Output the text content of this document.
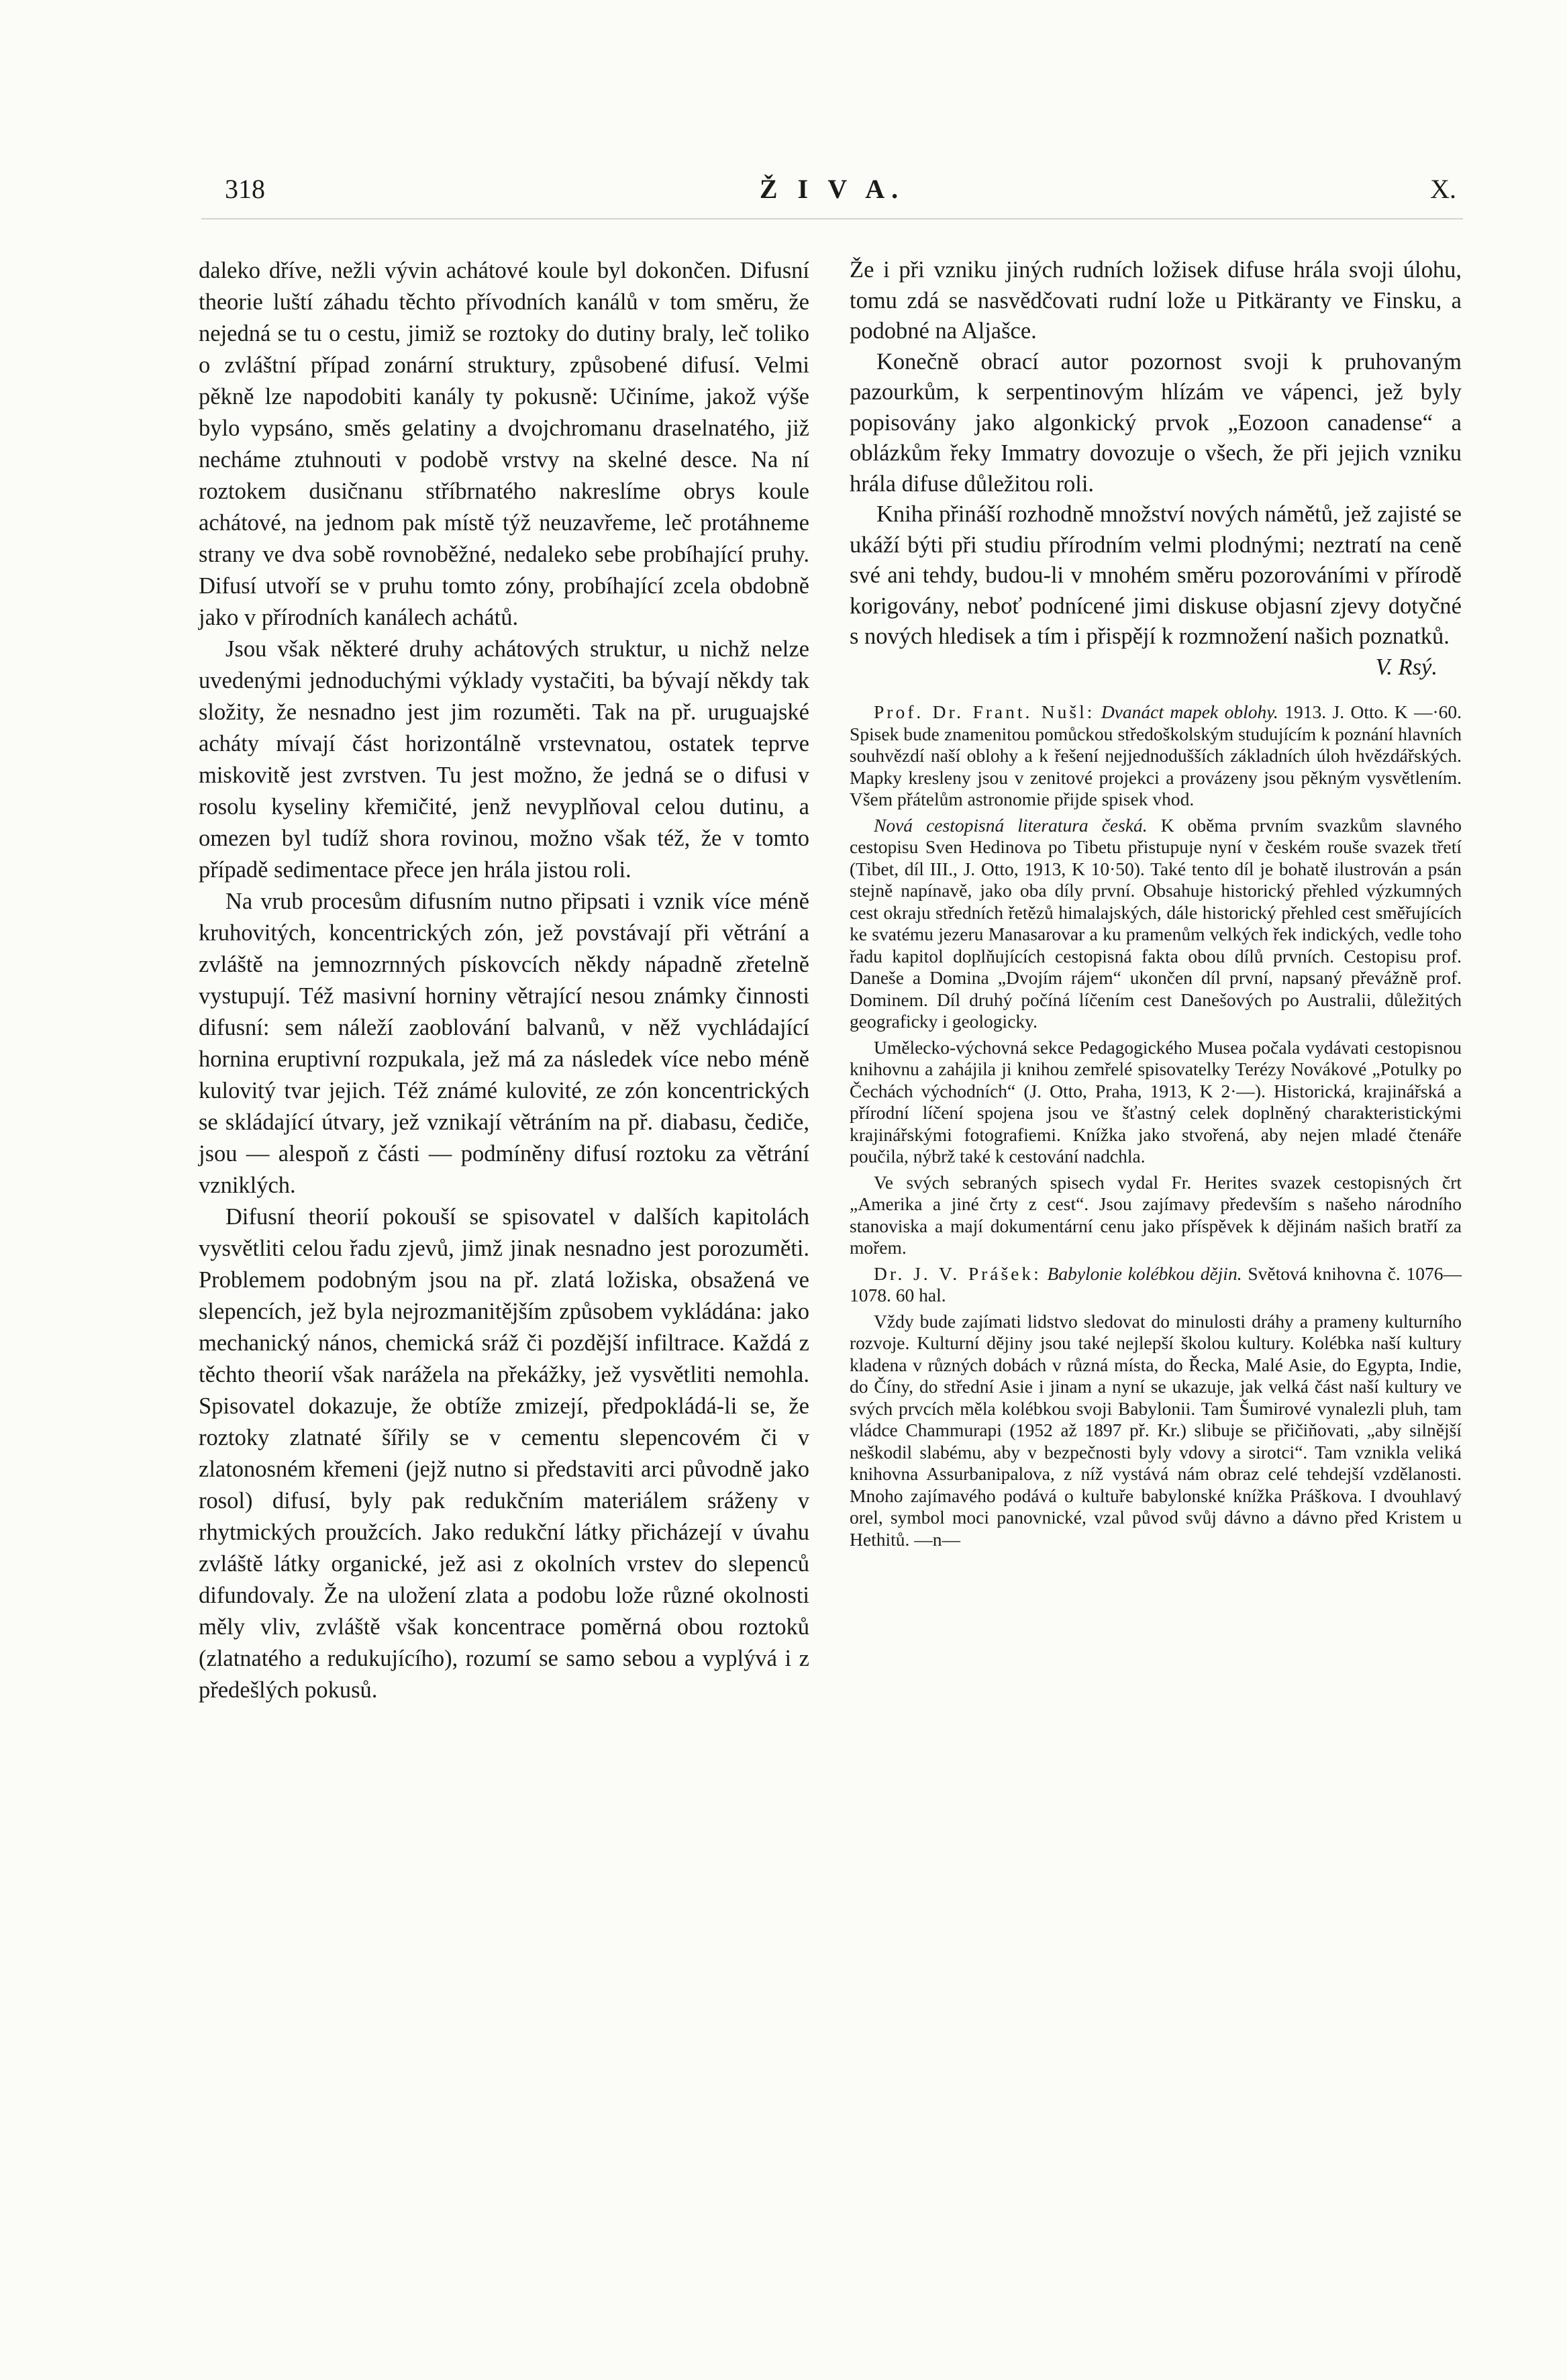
318	Ž I V A.	X.

daleko dříve, nežli vývin achátové koule byl dokončen. Difusní theorie luští záhadu těchto přívodních kanálů v tom směru, že nejedná se tu o cestu, jimiž se roztoky do dutiny braly, leč toliko o zvláštní případ zonární struktury, způsobené difusí. Velmi pěkně lze napodobiti kanály ty pokusně: Učiníme, jakož výše bylo vypsáno, směs gelatiny a dvojchromanu draselnatého, již necháme ztuhnouti v podobě vrstvy na skelné desce. Na ní roztokem dusičnanu stříbrnatého nakreslíme obrys koule achátové, na jednom pak místě týž neuzavřeme, leč protáhneme strany ve dva sobě rovnoběžné, nedaleko sebe probíhající pruhy. Difusí utvoří se v pruhu tomto zóny, probíhající zcela obdobně jako v přírodních kanálech achátů.

Jsou však některé druhy achátových struktur, u nichž nelze uvedenými jednoduchými výklady vystačiti, ba bývají někdy tak složity, že nesnadno jest jim rozuměti. Tak na př. uruguajské acháty mívají část horizontálně vrstevnatou, ostatek teprve miskovitě jest zvrstven. Tu jest možno, že jedná se o difusi v rosolu kyseliny křemičité, jenž nevyplňoval celou dutinu, a omezen byl tudíž shora rovinou, možno však též, že v tomto případě sedimentace přece jen hrála jistou roli.

Na vrub procesům difusním nutno připsati i vznik více méně kruhovitých, koncentrických zón, jež povstávají při větrání a zvláště na jemnozrnných pískovcích někdy nápadně zřetelně vystupují. Též masivní horniny větrající nesou známky činnosti difusní: sem náleží zaoblování balvanů, v něž vychládající hornina eruptivní rozpukala, jež má za následek více nebo méně kulovitý tvar jejich. Též známé kulovité, ze zón koncentrických se skládající útvary, jež vznikají větráním na př. diabasu, čediče, jsou — alespoň z části — podmíněny difusí roztoku za větrání vzniklých.

Difusní theorií pokouší se spisovatel v dalších kapitolách vysvětliti celou řadu zjevů, jimž jinak nesnadno jest porozuměti. Problemem podobným jsou na př. zlatá ložiska, obsažená ve slepencích, jež byla nejrozmanitějším způsobem vykládána: jako mechanický nános, chemická sráž či pozdější infiltrace. Každá z těchto theorií však narážela na překážky, jež vysvětliti nemohla. Spisovatel dokazuje, že obtíže zmizejí, předpokládá-li se, že roztoky zlatnaté šířily se v cementu slepencovém či v zlatonosném křemeni (jejž nutno si představiti arci původně jako rosol) difusí, byly pak redukčním materiálem sráženy v rhytmických proužcích. Jako redukční látky přicházejí v úvahu zvláště látky organické, jež asi z okolních vrstev do slepenců difundovaly. Že na uložení zlata a podobu lože různé okolnosti měly vliv, zvláště však koncentrace poměrná obou roztoků (zlatnatého a redukujícího), rozumí se samo sebou a vyplývá i z předešlých pokusů.

Že i při vzniku jiných rudních ložisek difuse hrála svoji úlohu, tomu zdá se nasvědčovati rudní lože u Pitkäranty ve Finsku, a podobné na Aljašce.

Konečně obrací autor pozornost svoji k pruhovaným pazourkům, k serpentinovým hlízám ve vápenci, jež byly popisovány jako algonkický prvok „Eozoon canadense“ a oblázkům řeky Immatry dovozuje o všech, že při jejich vzniku hrála difuse důležitou roli.

Kniha přináší rozhodně množství nových námětů, jež zajisté se ukáží býti při studiu přírodním velmi plodnými; neztratí na ceně své ani tehdy, budou-li v mnohém směru pozorováními v přírodě korigovány, neboť podnícené jimi diskuse objasní zjevy dotyčné s nových hledisek a tím i přispějí k rozmnožení našich poznatků.

V. Rsý.

Prof. Dr. Frant. Nušl: Dvanáct mapek oblohy. 1913. J. Otto. K —·60. Spisek bude znamenitou pomůckou středoškolským studujícím k poznání hlavních souhvězdí naší oblohy a k řešení nejjednodušších základních úloh hvězdářských. Mapky kresleny jsou v zenitové projekci a provázeny jsou pěkným vysvětlením. Všem přátelům astronomie přijde spisek vhod.

Nová cestopisná literatura česká. K oběma prvním svazkům slavného cestopisu Sven Hedinova po Tibetu přistupuje nyní v českém rouše svazek třetí (Tibet, díl III., J. Otto, 1913, K 10·50). Také tento díl je bohatě ilustrován a psán stejně napínavě, jako oba díly první. Obsahuje historický přehled výzkumných cest okraju středních řetězů himalajských, dále historický přehled cest směřujících ke svatému jezeru Manasarovar a ku pramenům velkých řek indických, vedle toho řadu kapitol doplňujících cestopisná fakta obou dílů prvních. Cestopisu prof. Daneše a Domina „Dvojím rájem“ ukončen díl první, napsaný převážně prof. Dominem. Díl druhý počíná líčením cest Danešových po Australii, důležitých geograficky i geologicky.

Umělecko-výchovná sekce Pedagogického Musea počala vydávati cestopisnou knihovnu a zahájila ji knihou zemřelé spisovatelky Terézy Novákové „Potulky po Čechách východních“ (J. Otto, Praha, 1913, K 2·—). Historická, krajinářská a přírodní líčení spojena jsou ve šťastný celek doplněný charakteristickými krajinářskými fotografiemi. Knížka jako stvořená, aby nejen mladé čtenáře poučila, nýbrž také k cestování nadchla.

Ve svých sebraných spisech vydal Fr. Herites svazek cestopisných črt „Amerika a jiné črty z cest“. Jsou zajímavy především s našeho národního stanoviska a mají dokumentární cenu jako příspěvek k dějinám našich bratří za mořem.

Dr. J. V. Prášek: Babylonie kolébkou dějin. Světová knihovna č. 1076—1078. 60 hal.

Vždy bude zajímati lidstvo sledovat do minulosti dráhy a prameny kulturního rozvoje. Kulturní dějiny jsou také nejlepší školou kultury. Kolébka naší kultury kladena v různých dobách v různá místa, do Řecka, Malé Asie, do Egypta, Indie, do Číny, do střední Asie i jinam a nyní se ukazuje, jak velká část naší kultury ve svých prvcích měla kolébkou svoji Babylonii. Tam Šumirové vynalezli pluh, tam vládce Chammurapi (1952 až 1897 př. Kr.) slibuje se přičiňovati, „aby silnější neškodil slabému, aby v bezpečnosti byly vdovy a sirotci“. Tam vznikla veliká knihovna Assurbanipalova, z níž vystává nám obraz celé tehdejší vzdělanosti. Mnoho zajímavého podává o kultuře babylonské knížka Práškova. I dvouhlavý orel, symbol moci panovnické, vzal původ svůj dávno a dávno před Kristem u Hethitů. —n—
